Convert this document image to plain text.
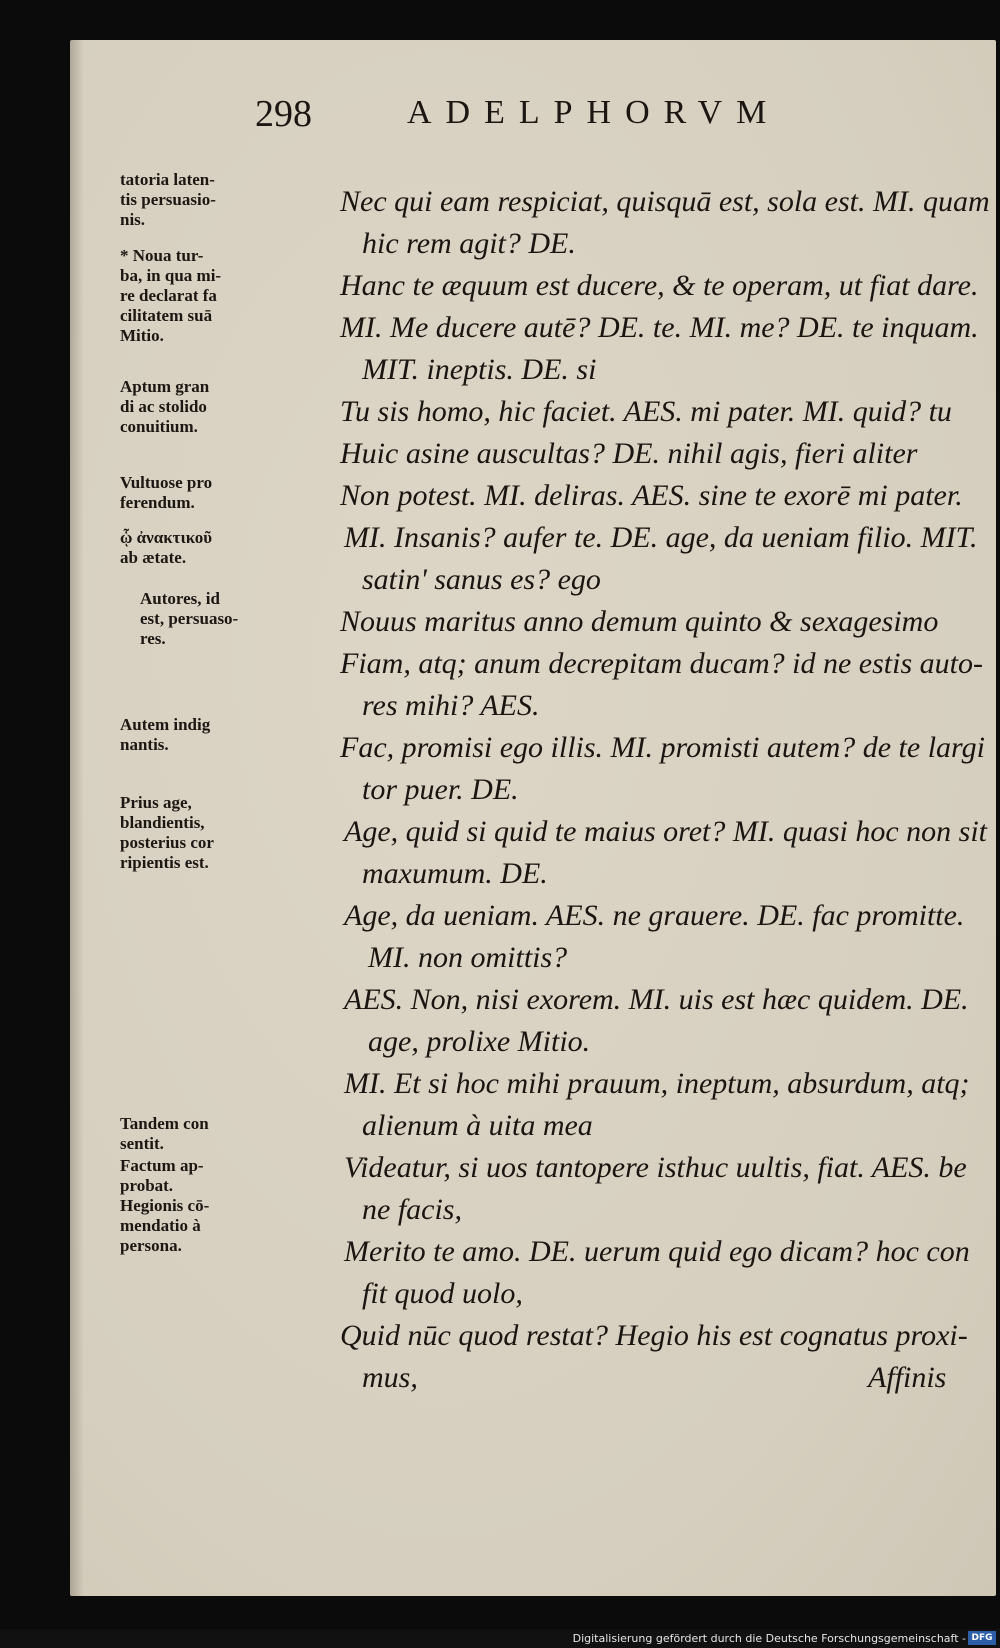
298	ADELPHORVM
tatoria laten-
tis persuasio-
nis.
* Noua tur-
ba, in qua mi-
re declarat fa
cilitatem suā
Mitio.
Aptum gran
di ac stolido
conuitium.
Vultuose pro
ferendum.
ᾧ ἀνακτικοῦ
ab ætate.
Autores, id
est, persuaso-
res.
Autem indig
nantis.
Prius age,
blandientis,
posterius cor
ripientis est.
Tandem con
sentit.
Factum ap-
probat.
Hegionis cō-
mendatio à
persona.
Nec qui eam respiciat, quisquā est, sola est. MI. quam
hic rem agit? DE.
Hanc te æquum est ducere, & te operam, ut fiat dare.
MI. Me ducere autē? DE. te. MI. me? DE. te inquam.
MIT. ineptis. DE. si
Tu sis homo, hic faciet. AES. mi pater. MI. quid? tu
Huic asine auscultas? DE. nihil agis, fieri aliter
Non potest. MI. deliras. AES. sine te exorē mi pater.
MI. Insanis? aufer te. DE. age, da ueniam filio. MIT.
satin' sanus es? ego
Nouus maritus anno demum quinto & sexagesimo
Fiam, atq; anum decrepitam ducam? id ne estis auto-
res mihi? AES.
Fac, promisi ego illis. MI. promisti autem? de te largi
tor puer. DE.
Age, quid si quid te maius oret? MI. quasi hoc non sit
maxumum. DE.
Age, da ueniam. AES. ne grauere. DE. fac promitte.
MI. non omittis?
AES. Non, nisi exorem. MI. uis est hæc quidem. DE.
age, prolixe Mitio.
MI. Et si hoc mihi prauum, ineptum, absurdum, atq;
alienum à uita mea
Videatur, si uos tantopere isthuc uultis, fiat. AES. be
ne facis,
Merito te amo. DE. uerum quid ego dicam? hoc con
fit quod uolo,
Quid nūc quod restat? Hegio his est cognatus proxi-
mus,	Affinis
Digitalisierung gefördert durch die Deutsche Forschungsgemeinschaft - DFG
